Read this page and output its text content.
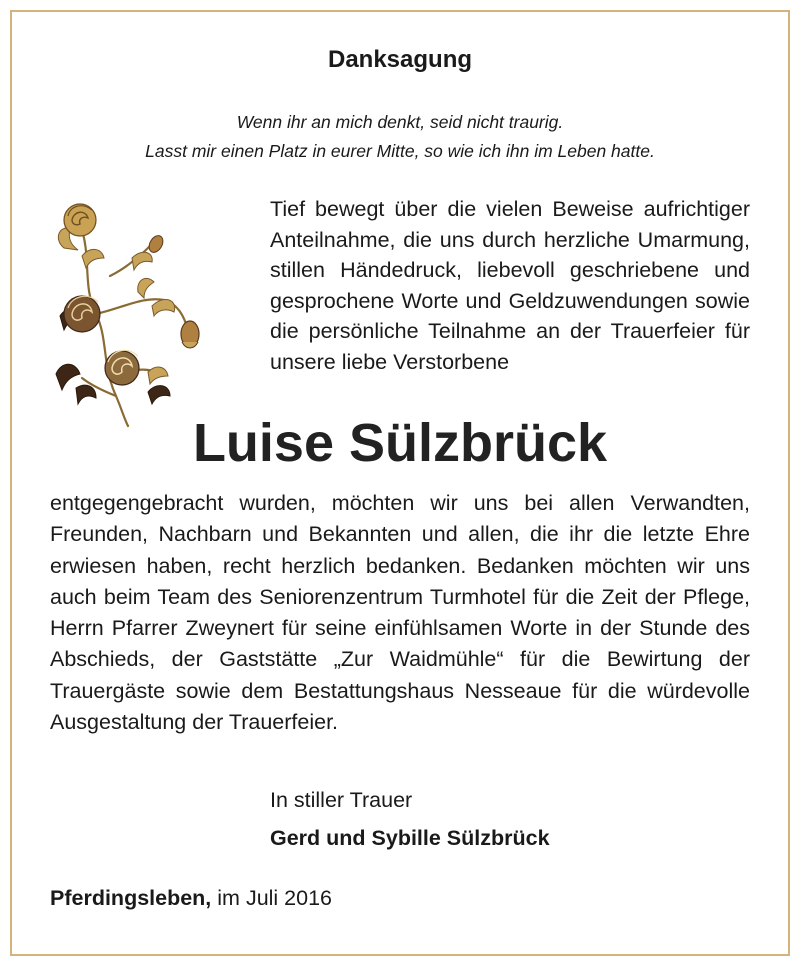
Danksagung
Wenn ihr an mich denkt, seid nicht traurig.
Lasst mir einen Platz in eurer Mitte, so wie ich ihn im Leben hatte.
Tief bewegt über die vielen Beweise aufrichtiger Anteilnahme, die uns durch herzliche Umarmung, stillen Händedruck, liebevoll geschriebene und gesprochene Worte und Geldzuwendungen sowie die persönliche Teilnahme an der Trauerfeier für unsere liebe Verstorbene
Luise Sülzbrück
entgegengebracht wurden, möchten wir uns bei allen Verwandten, Freunden, Nachbarn und Bekannten und allen, die ihr die letzte Ehre erwiesen haben, recht herzlich bedanken. Bedanken möchten wir uns auch beim Team des Seniorenzentrum Turmhotel für die Zeit der Pflege, Herrn Pfarrer Zweynert für seine einfühlsamen Worte in der Stunde des Abschieds, der Gaststätte „Zur Waidmühle“ für die Bewirtung der Trauergäste sowie dem Bestattungshaus Nesseaue für die würdevolle Ausgestaltung der Trauerfeier.
In stiller Trauer
Gerd und Sybille Sülzbrück
Pferdingsleben, im Juli 2016
